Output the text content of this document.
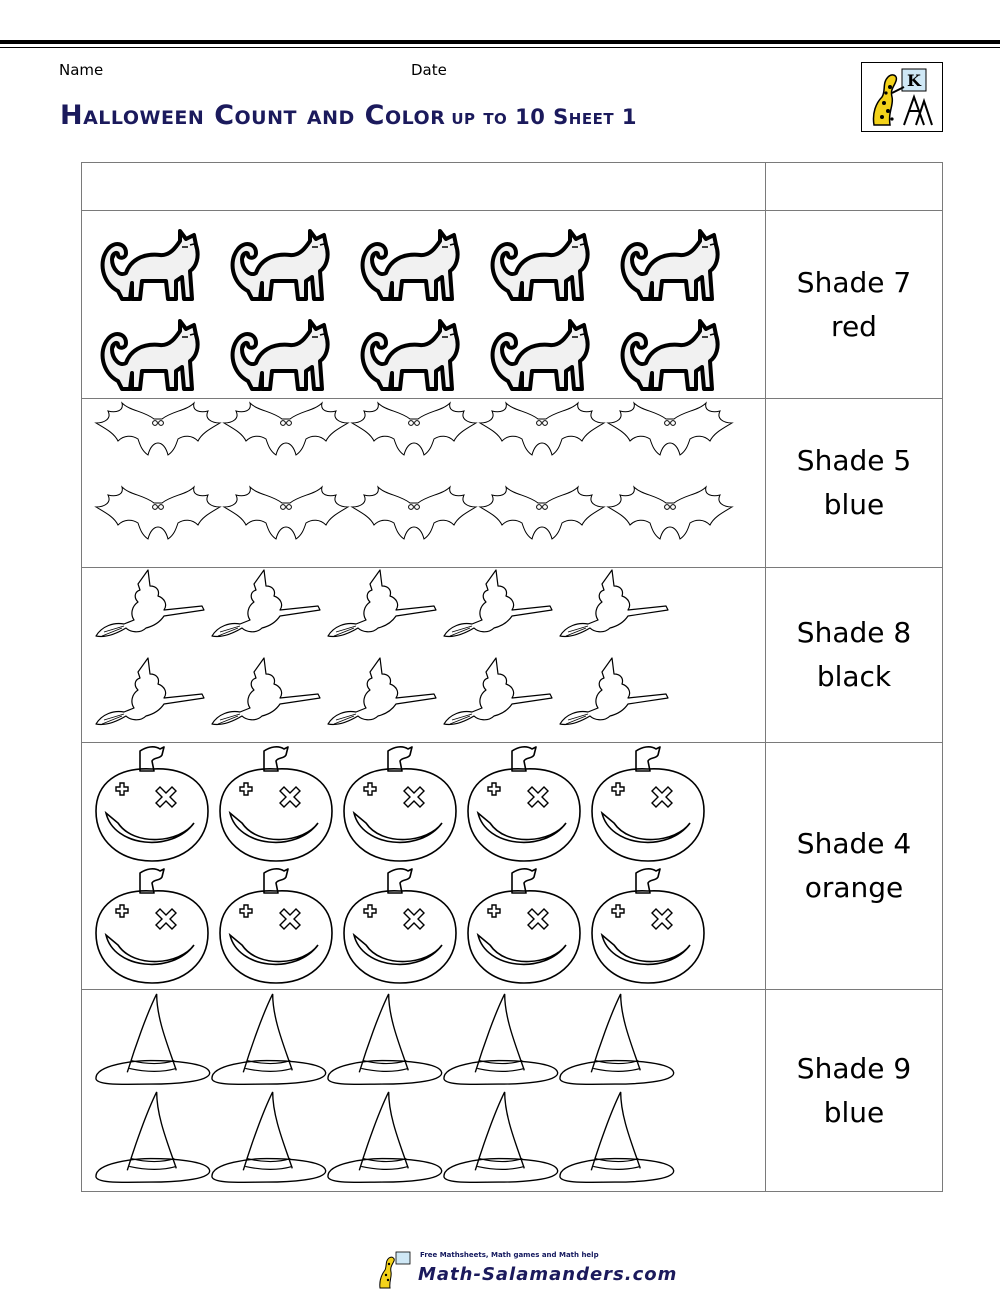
Name	Date
Halloween Count and Color up to 10 Sheet 1
K

Shade 7
red

Shade 5
blue

Shade 8
black

Shade 4
orange

Shade 9
blue
Free Mathsheets, Math games and Math help
Math-Salamanders.com
